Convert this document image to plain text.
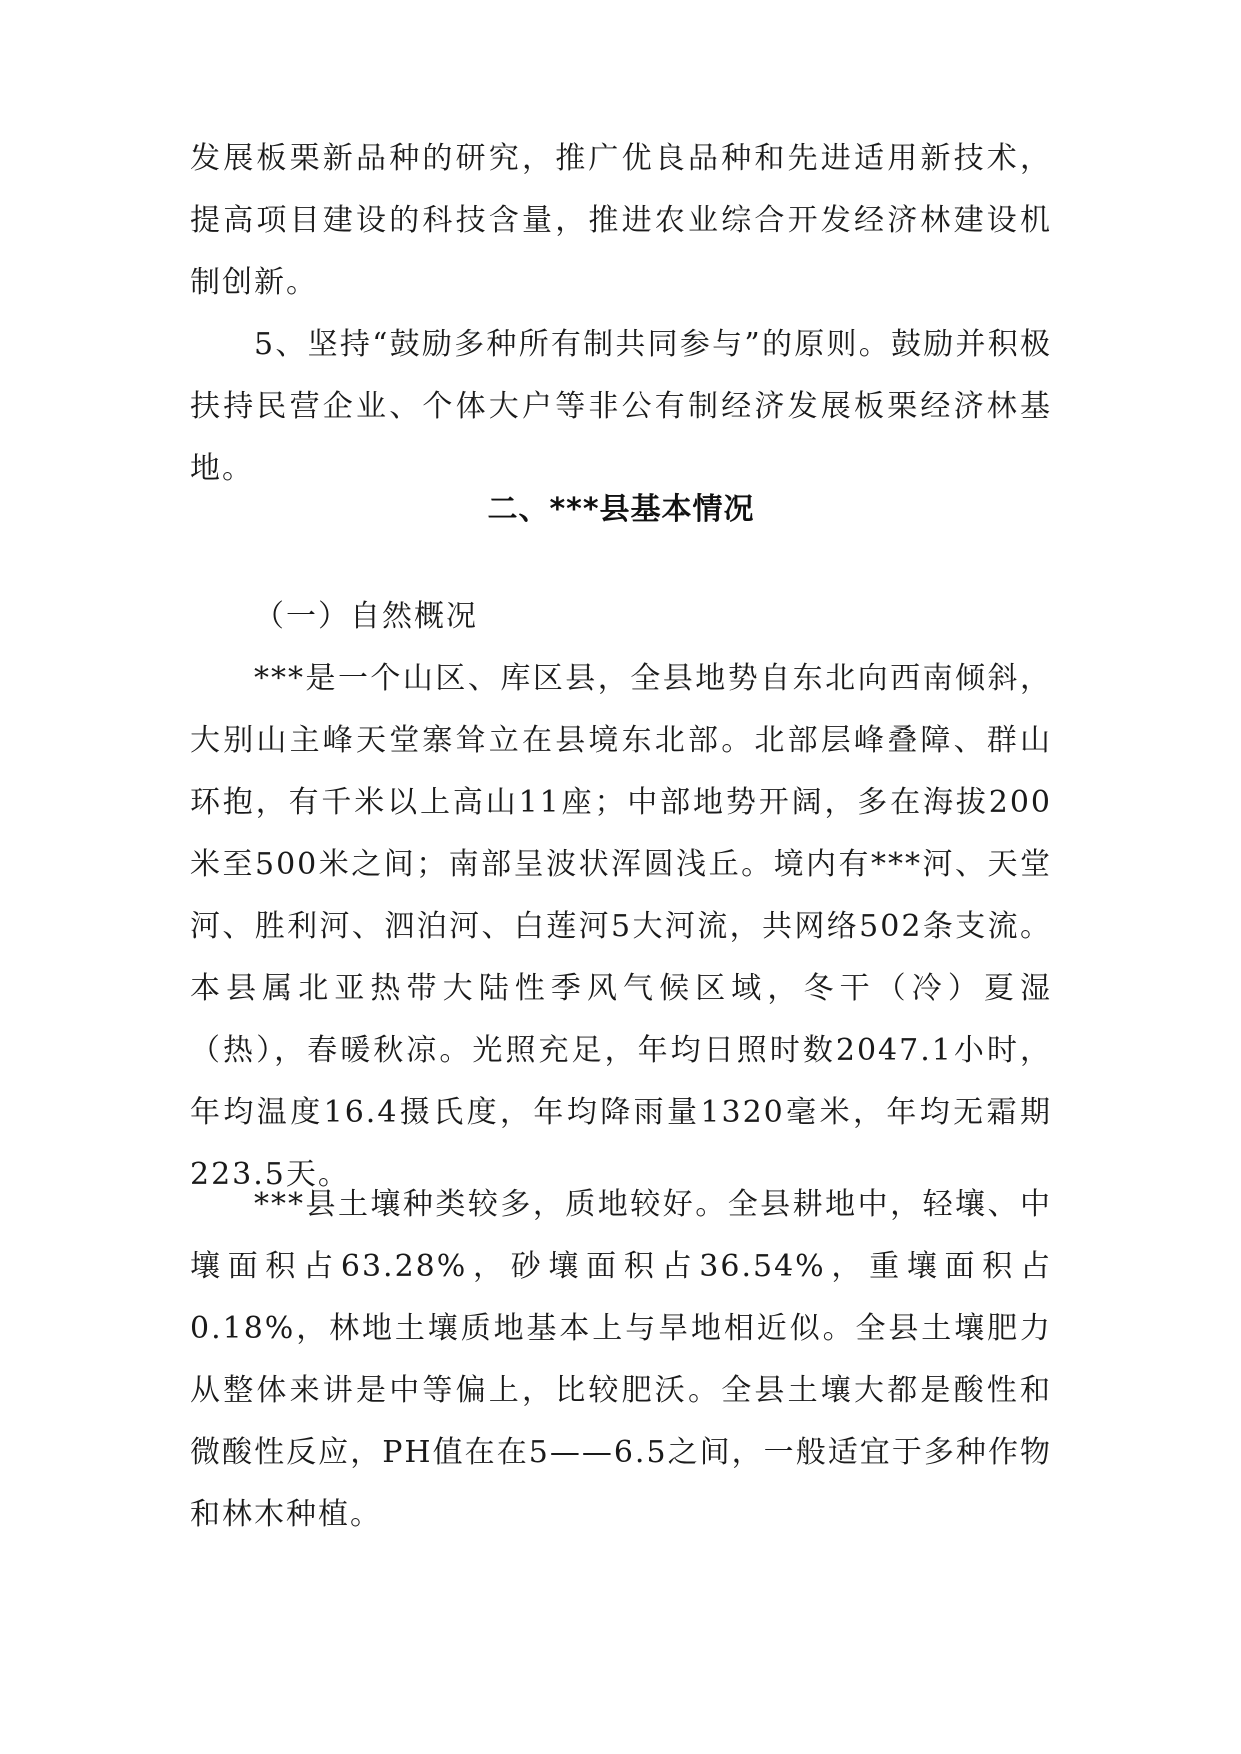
发展板栗新品种的研究，推广优良品种和先进适用新技术，提高项目建设的科技含量，推进农业综合开发经济林建设机制创新。

5、坚持“鼓励多种所有制共同参与”的原则。鼓励并积极扶持民营企业、个体大户等非公有制经济发展板栗经济林基地。

二、***县基本情况

（一）自然概况

***是一个山区、库区县，全县地势自东北向西南倾斜，大别山主峰天堂寨耸立在县境东北部。北部层峰叠障、群山环抱，有千米以上高山11座；中部地势开阔，多在海拔200米至500米之间；南部呈波状浑圆浅丘。境内有***河、天堂河、胜利河、泗泊河、白莲河5大河流，共网络502条支流。本县属北亚热带大陆性季风气候区域，冬干（冷）夏湿（热），春暖秋凉。光照充足，年均日照时数2047.1小时，年均温度16.4摄氏度，年均降雨量1320毫米，年均无霜期223.5天。

***县土壤种类较多，质地较好。全县耕地中，轻壤、中壤面积占63.28%，砂壤面积占36.54%，重壤面积占0.18%，林地土壤质地基本上与旱地相近似。全县土壤肥力从整体来讲是中等偏上，比较肥沃。全县土壤大都是酸性和微酸性反应，PH值在在5——6.5之间，一般适宜于多种作物和林木种植。
